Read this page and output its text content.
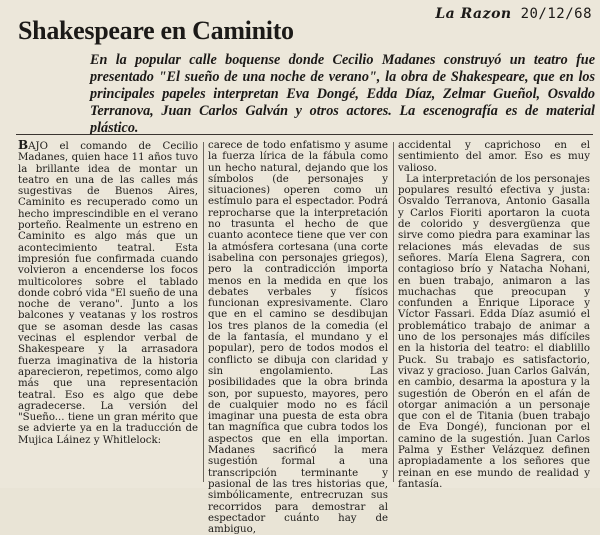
La Razon 20/12/68
Shakespeare en Caminito

En la popular calle boquense donde Cecilio Madanes construyó un teatro fue presentado "El sueño de una noche de verano", la obra de Shakespeare, que en los principales papeles interpretan Eva Dongé, Edda Díaz, Zelmar Gueñol, Osvaldo Terranova, Juan Carlos Galván y otros actores. La escenografía es de material plástico.

BAJO el comando de Cecilio Madanes, quien hace 11 años tuvo la brillante idea de montar un teatro en una de las calles más sugestivas de Buenos Aires, Caminito es recuperado como un hecho imprescindible en el verano porteño. Realmente un estreno en Caminito es algo más que un acontecimiento teatral. Esta impresión fue confirmada cuando volvieron a encenderse los focos multicolores sobre el tablado donde cobró vida "El sueño de una noche de verano". Junto a los balcones y veatanas y los rostros que se asoman desde las casas vecinas el esplendor verbal de Shakespeare y la arrasadora fuerza imaginativa de la historia aparecieron, repetimos, como algo más que una representación teatral. Eso es algo que debe agradecerse. La versión del "Sueño... tiene un gran mérito que se advierte ya en la traducción de Mujica Láinez y Whitlelock:

carece de todo enfatismo y asume la fuerza lírica de la fábula como un hecho natural, dejando que los símbolos (de personajes y situaciones) operen como un estímulo para el espectador. Podrá reprocharse que la interpretación no trasunta el hecho de que cuanto acontece tiene que ver con la atmósfera cortesana (una corte isabelina con personajes griegos), pero la contradicción importa menos en la medida en que los debates verbales y físicos funcionan expresivamente. Claro que en el camino se desdibujan los tres planos de la comedia (el de la fantasía, el mundano y el popular), pero de todos modos el conflicto se dibuja con claridad y sin engolamiento. Las posibilidades que la obra brinda son, por supuesto, mayores, pero de cualquier modo no es fácil imaginar una puesta de esta obra tan magnífica que cubra todos los aspectos que en ella importan. Madanes sacrificó la mera sugestión formal a una transcripción terminante y pasional de las tres historias que, simbólicamente, entrecruzan sus recorridos para demostrar al espectador cuánto hay de ambiguo,

accidental y caprichoso en el sentimiento del amor. Eso es muy valioso.

La interpretación de los personajes populares resultó efectiva y justa: Osvaldo Terranova, Antonio Gasalla y Carlos Fioriti aportaron la cuota de colorido y desvergüenza que sirve como piedra para examinar las relaciones más elevadas de sus señores. María Elena Sagrera, con contagioso brío y Natacha Nohani, en buen trabajo, animaron a las muchachas que preocupan y confunden a Enrique Liporace y Víctor Fassari. Edda Díaz asumió el problemático trabajo de animar a uno de los personajes más difíciles en la historia del teatro: el diablillo Puck. Su trabajo es satisfactorio, vivaz y gracioso. Juan Carlos Galván, en cambio, desarma la apostura y la sugestión de Oberón en el afán de otorgar animación a un personaje que con el de Titania (buen trabajo de Eva Dongé), funcionan por el camino de la sugestión. Juan Carlos Palma y Esther Velázquez definen apropiadamente a los señores que reinan en ese mundo de realidad y fantasía.
